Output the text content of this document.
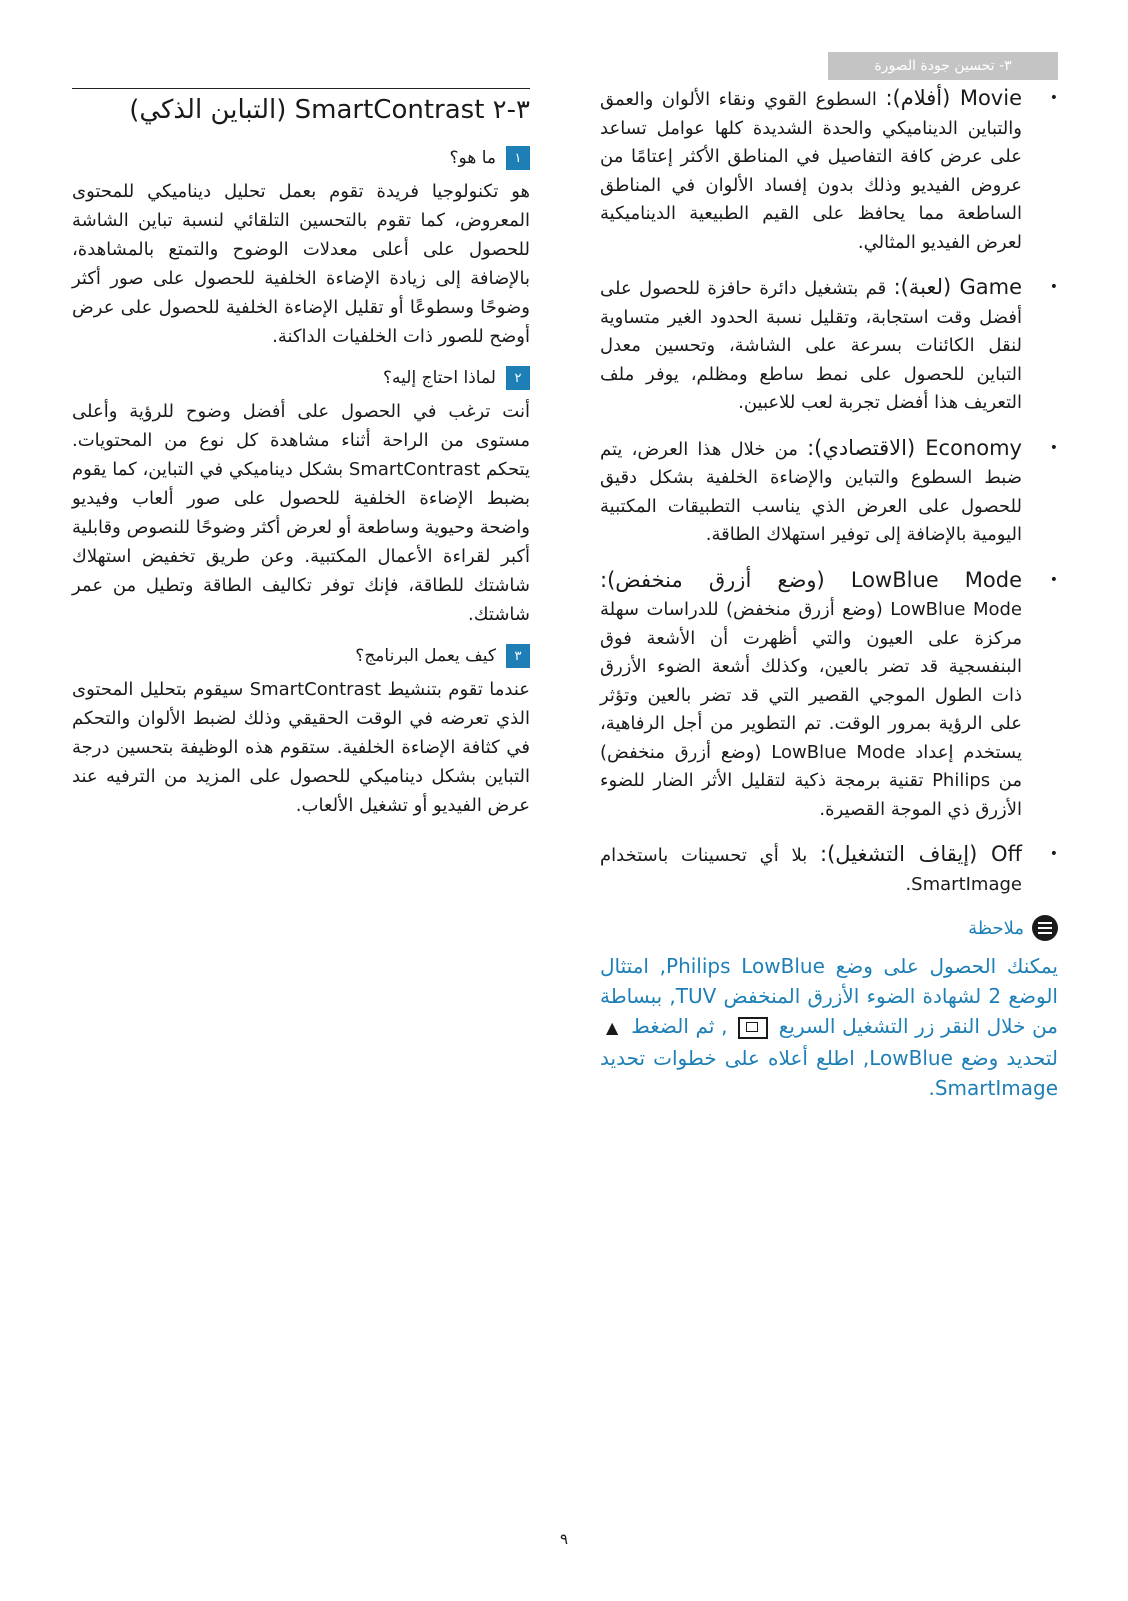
٣- تحسين جودة الصورة
•
Movie (أفلام): السطوع القوي ونقاء الألوان والعمق والتباين الديناميكي والحدة الشديدة كلها عوامل تساعد على عرض كافة التفاصيل في المناطق الأكثر إعتامًا من عروض الفيديو وذلك بدون إفساد الألوان في المناطق الساطعة مما يحافظ على القيم الطبيعية الديناميكية لعرض الفيديو المثالي.
•
Game (لعبة): قم بتشغيل دائرة حافزة للحصول على أفضل وقت استجابة، وتقليل نسبة الحدود الغير متساوية لنقل الكائنات بسرعة على الشاشة، وتحسين معدل التباين للحصول على نمط ساطع ومظلم، يوفر ملف التعريف هذا أفضل تجربة لعب للاعبين.
•
Economy (الاقتصادي): من خلال هذا العرض، يتم ضبط السطوع والتباين والإضاءة الخلفية بشكل دقيق للحصول على العرض الذي يناسب التطبيقات المكتبية اليومية بالإضافة إلى توفير استهلاك الطاقة.
•
LowBlue Mode (وضع أزرق منخفض): LowBlue Mode (وضع أزرق منخفض) للدراسات سهلة مركزة على العيون والتي أظهرت أن الأشعة فوق البنفسجية قد تضر بالعين، وكذلك أشعة الضوء الأزرق ذات الطول الموجي القصير التي قد تضر بالعين وتؤثر على الرؤية بمرور الوقت. تم التطوير من أجل الرفاهية، يستخدم إعداد LowBlue Mode (وضع أزرق منخفض) من Philips تقنية برمجة ذكية لتقليل الأثر الضار للضوء الأزرق ذي الموجة القصيرة.
•
Off (إيقاف التشغيل): بلا أي تحسينات باستخدام SmartImage.
ملاحظة
يمكنك الحصول على وضع Philips LowBlue, امتثال الوضع 2 لشهادة الضوء الأزرق المنخفض TUV, ببساطة من خلال النقر زر التشغيل السريع  , ثم الضغط ▲ لتحديد وضع LowBlue, اطلع أعلاه على خطوات تحديد SmartImage.
٣-٢ SmartContrast (التباين الذكي)
١
ما هو؟

هو تكنولوجيا فريدة تقوم بعمل تحليل ديناميكي للمحتوى المعروض، كما تقوم بالتحسين التلقائي لنسبة تباين الشاشة للحصول على أعلى معدلات الوضوح والتمتع بالمشاهدة، بالإضافة إلى زيادة الإضاءة الخلفية للحصول على صور أكثر وضوحًا وسطوعًا أو تقليل الإضاءة الخلفية للحصول على عرض أوضح للصور ذات الخلفيات الداكنة.

٢
لماذا احتاج إليه؟

أنت ترغب في الحصول على أفضل وضوح للرؤية وأعلى مستوى من الراحة أثناء مشاهدة كل نوع من المحتويات. يتحكم SmartContrast بشكل ديناميكي في التباين، كما يقوم بضبط الإضاءة الخلفية للحصول على صور ألعاب وفيديو واضحة وحيوية وساطعة أو لعرض أكثر وضوحًا للنصوص وقابلية أكبر لقراءة الأعمال المكتبية. وعن طريق تخفيض استهلاك شاشتك للطاقة، فإنك توفر تكاليف الطاقة وتطيل من عمر شاشتك.

٣
كيف يعمل البرنامج؟

عندما تقوم بتنشيط SmartContrast سيقوم بتحليل المحتوى الذي تعرضه في الوقت الحقيقي وذلك لضبط الألوان والتحكم في كثافة الإضاءة الخلفية. ستقوم هذه الوظيفة بتحسين درجة التباين بشكل ديناميكي للحصول على المزيد من الترفيه عند عرض الفيديو أو تشغيل الألعاب.

٩
